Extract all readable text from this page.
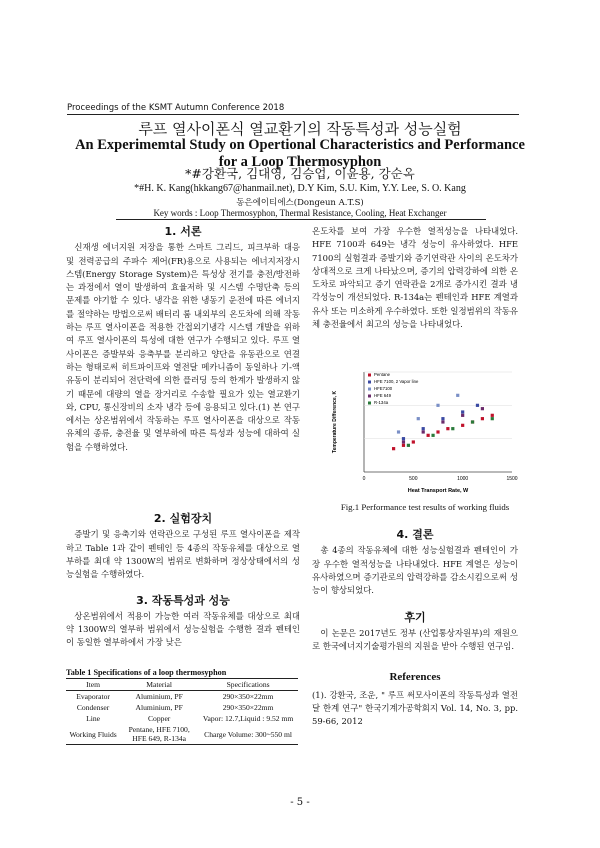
Proceedings of the KSMT Autumn Conference 2018
루프 열사이폰식 열교환기의 작동특성과 성능실험
An Experimemtal Study on Opertional Characteristics and Performance for a Loop Thermosyphon
*#강환국, 김대영, 김승업, 이윤용, 강순옥
*#H. K. Kang(hkkang67@hanmail.net), D.Y Kim, S.U. Kim, Y.Y. Lee, S. O. Kang
동은에이티에스(Dongeun A.T.S)
Key words : Loop Thermosyphon, Thermal Resistance, Cooling, Heat Exchanger
1. 서론

신재생 에너지원 저장을 통한 스마트 그리드, 피크부하 대응 및 전력공급의 주파수 제어(FR)용으로 사용되는 에너지저장시스템(Energy Storage System)은 특성상 전기를 충전/방전하는 과정에서 열이 발생하여 효율저하 및 시스템 수명단축 등의 문제를 야기할 수 있다. 냉각을 위한 냉동기 운전에 따른 에너지를 절약하는 방법으로써 배터리 룸 내외부의 온도차에 의해 작동하는 루프 열사이폰을 적용한 간접외기냉각 시스템 개발을 위하여 루프 열사이폰의 특성에 대한 연구가 수행되고 있다. 루프 열사이폰은 증발부와 응축부를 분리하고 양단을 유동관으로 연결하는 형태로써 히트파이프와 열전달 메카니즘이 동일하나 기-액 유동이 분리되어 전단력에 의한 플러딩 등의 한계가 발생하지 않기 때문에 대량의 열을 장거리로 수송할 필요가 있는 열교환기와, CPU, 통신장비의 소자 냉각 등에 응용되고 있다.(1) 본 연구에서는 상온범위에서 작동하는 루프 열사이폰을 대상으로 작동유체의 종류, 충전율 및 열부하에 따른 특성과 성능에 대하여 실험을 수행하였다.

2. 실험장치

증발기 및 응축기와 연락관으로 구성된 루프 열사이폰을 제작하고 Table 1과 같이 펜테인 등 4종의 작동유체를 대상으로 열부하를 최대 약 1300W의 범위로 변화하며 정상상태에서의 성능실험을 수행하였다.

3. 작동특성과 성능

상온범위에서 적용이 가능한 여러 작동유체를 대상으로 최대 약 1300W의 열부하 범위에서 성능실험을 수행한 결과 펜테인이 동일한 열부하에서 가장 낮은

Table 1 Specifications of a loop thermosyphon
Item	Material	Specifications
Evaporator	Aluminium, PF	290×350×22mm
Condenser	Aluminium, PF	290×350×22mm
Line	Copper	Vapor: 12.7,Liquid : 9.52 mm
Working Fluids	Pentane, HFE 7100, HFE 649, R-134a	Charge Volume: 300~550 ml

온도차를 보여 가장 우수한 열적성능을 나타내었다. HFE 7100과 649는 냉각 성능이 유사하였다. HFE 7100의 실험결과 증발기와 증기연락관 사이의 온도차가 상대적으로 크게 나타났으며, 증기의 압력강하에 의한 온도차로 파악되고 증기 연락관을 2개로 증가시킨 결과 냉각성능이 개선되었다. R-134a는 펜테인과 HFE 계열과 유사 또는 미소하게 우수하였다. 또한 일정범위의 작동유체 충전율에서 최고의 성능을 나타내었다.

0	500	1000	1500
Pentane
HFE 7100, 2 Vapor line
HFE7100
HFE 649
R-134a
Heat Transport Rate, W
Temperature Difference, K
Fig.1 Performance test results of working fluids
4. 결론

총 4종의 작동유체에 대한 성능실험결과 펜테인이 가장 우수한 열적성능을 나타내었다. HFE 계열은 성능이 유사하였으며 증기관로의 압력강하를 감소시킴으로써 성능이 향상되었다.

후기

이 논문은 2017년도 정부 (산업통상자원부)의 재원으로 한국에너지기술평가원의 지원을 받아 수행된 연구임.

References

(1). 강환국, 조운, " 루프 써모사이폰의 작동특성과 열전달 한계 연구" 한국기계가공학회지 Vol. 14, No. 3, pp. 59-66, 2012

- 5 -
